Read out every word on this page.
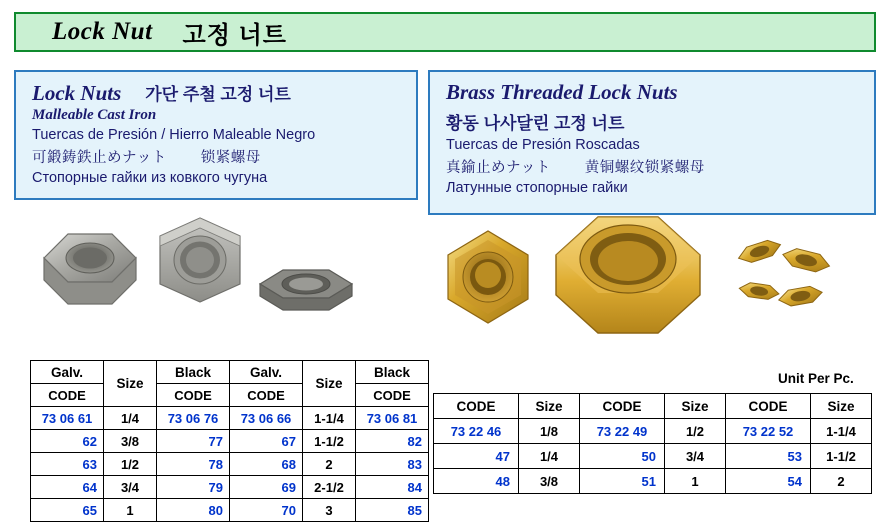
Lock Nut 고정 너트
Lock Nuts 가단 주철 고정 너트
Malleable Cast Iron
Tuercas de Presión / Hierro Maleable Negro
可鍛鋳鉄止めナット 锁紧螺母
Стопорные гайки из ковкого чугуна
Brass Threaded Lock Nuts
황동 나사달린 고정 너트
Tuercas de Presión Roscadas
真鍮止めナット 黄铜螺纹锁紧螺母
Латунные стопорные гайки
Galv.	Size	Black	Galv.	Size	Black
CODE		CODE	CODE		CODE
73 06 61	1/4	73 06 76	73 06 66	1-1/4	73 06 81
62	3/8	77	67	1-1/2	82
63	1/2	78	68	2	83
64	3/4	79	69	2-1/2	84
65	1	80	70	3	85
Unit Per Pc.
CODE	Size	CODE	Size	CODE	Size
73 22 46	1/8	73 22 49	1/2	73 22 52	1-1/4
47	1/4	50	3/4	53	1-1/2
48	3/8	51	1	54	2
